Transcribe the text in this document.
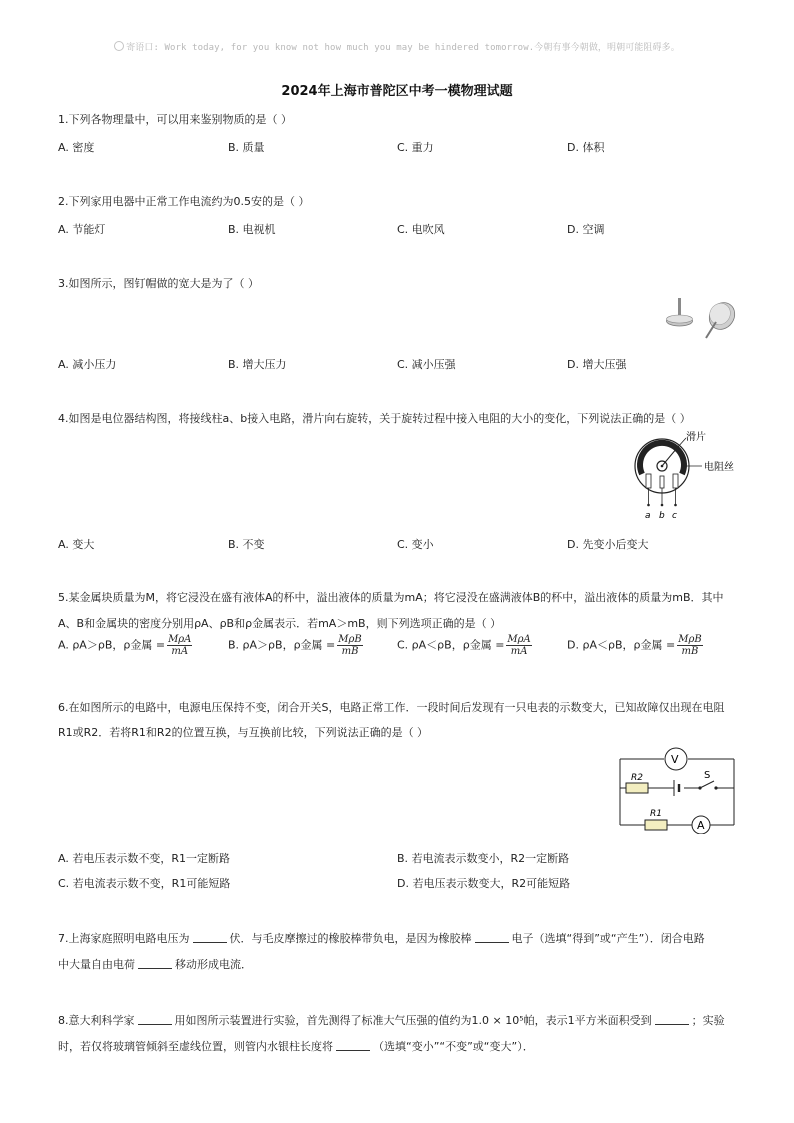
寄语口: Work today, for you know not how much you may be hindered tomorrow.今朝有事今朝做，明朝可能阻碍多。
2024年上海市普陀区中考一模物理试题
1.下列各物理量中，可以用来鉴别物质的是（ ）
A. 密度	B. 质量	C. 重力	D. 体积
2.下列家用电器中正常工作电流约为0.5安的是（ ）
A. 节能灯	B. 电视机	C. 电吹风	D. 空调
3.如图所示，图钉帽做的宽大是为了（ ）
A. 减小压力	B. 增大压力	C. 减小压强	D. 增大压强
4.如图是电位器结构图，将接线柱a、b接入电路，滑片向右旋转，关于旋转过程中接入电阻的大小的变化，下列说法正确的是（ ）
滑片
电阻丝
a b c
A. 变大	B. 不变	C. 变小	D. 先变小后变大
5.某金属块质量为M，将它浸没在盛有液体A的杯中，溢出液体的质量为mA；将它浸没在盛满液体B的杯中，溢出液体的质量为mB．其中
A、B和金属块的密度分别用ρA、ρB和ρ金属表示．若mA＞mB，则下列选项正确的是（ ）
A. ρA＞ρB，ρ金属 = $\frac{\text{MρA}}{mA}$	B. ρA＞ρB，ρ金属 = $\frac{\text{MρB}}{mB}$	C. ρA＜ρB，ρ金属 = $\frac{\text{MρA}}{mA}$	D. ρA＜ρB，ρ金属 = $\frac{\text{MρB}}{mB}$
6.在如图所示的电路中，电源电压保持不变，闭合开关S，电路正常工作．一段时间后发现有一只电表的示数变大，已知故障仅出现在电阻
R1或R2．若将R1和R2的位置互换，与互换前比较，下列说法正确的是（ ）
V
A
R2
R1
S
A. 若电压表示数不变，R1一定断路	B. 若电流表示数变小，R2一定断路
C. 若电流表示数不变，R1可能短路	D. 若电压表示数变大，R2可能短路
7.上海家庭照明电路电压为	伏．与毛皮摩擦过的橡胶棒带负电，是因为橡胶棒	电子（选填“得到”或“产生”）．闭合电路
中大量自由电荷	移动形成电流．
8.意大利科学家	用如图所示装置进行实验，首先测得了标准大气压强的值约为1.0 × 10⁵帕，表示1平方米面积受到	；实验
时，若仅将玻璃管倾斜至虚线位置，则管内水银柱长度将	（选填“变小”“不变”或“变大”）．
